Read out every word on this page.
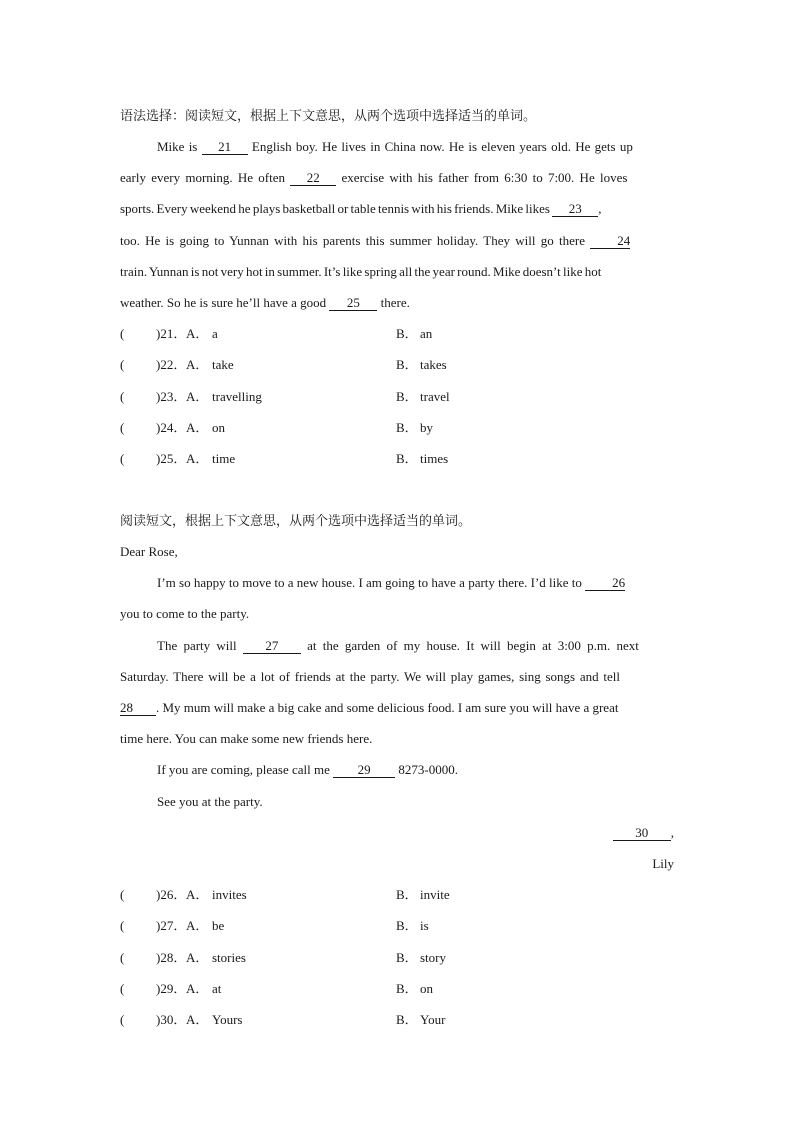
语法选择：阅读短文，根据上下文意思，从两个选项中选择适当的单词。
Mike is 21 English boy. He lives in China now. He is eleven years old. He gets up
early every morning. He often 22 exercise with his father from 6:30 to 7:00. He loves
sports. Every weekend he plays basketball or table tennis with his friends. Mike likes 23 ,
too. He is going to Yunnan with his parents this summer holiday. They will go there 24
train. Yunnan is not very hot in summer. It’s like spring all the year round. Mike doesn’t like hot
weather. So he is sure he’ll have a good 25 there.
( )21． A． a	B． an
( )22． A． take	B． takes
( )23． A． travelling	B． travel
( )24． A． on	B． by
( )25． A． time	B． times
阅读短文，根据上下文意思，从两个选项中选择适当的单词。
Dear Rose,
I’m so happy to move to a new house. I am going to have a party there. I’d like to 26
you to come to the party.
The party will 27 at the garden of my house. It will begin at 3:00 p.m. next
Saturday. There will be a lot of friends at the party. We will play games, sing songs and tell
28 . My mum will make a big cake and some delicious food. I am sure you will have a great
time here. You can make some new friends here.
If you are coming, please call me 29 8273-0000.
See you at the party.
30 ,
Lily
( )26． A． invites	B． invite
( )27． A． be	B． is
( )28． A． stories	B． story
( )29． A． at	B． on
( )30． A． Yours	B． Your
